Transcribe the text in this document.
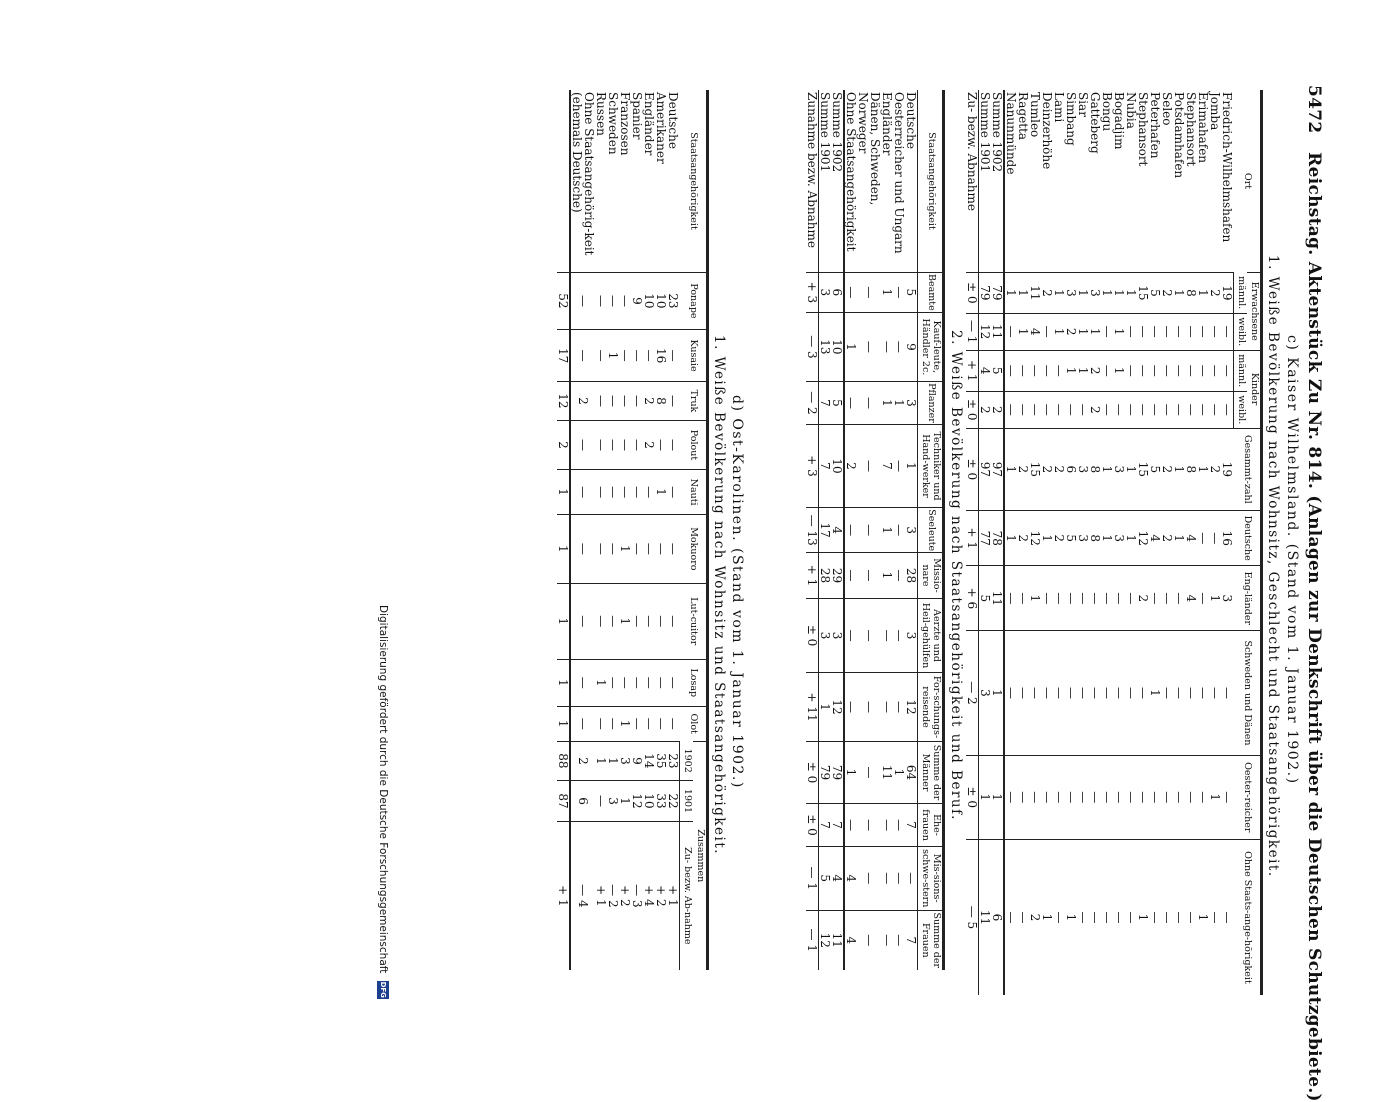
5472   Reichstag. Aktenstück Zu Nr. 814. (Anlagen zur Denkschrift über die Deutschen Schutzgebiete.)
c) Kaiser Wilhelmsland. (Stand vom 1. Januar 1902.)
1. Weiße Bevölkerung nach Wohnsitz, Geschlecht und Staatsangehörigkeit.
Ort	Erwachsene		Kinder		Gesammt-zahl	Deutsche	Eng-länder	Schweden und Dänen	Oester-reicher	Ohne Staats-ange-hörigkeit
	männl.	weibl.	männl.	weibl.						
Friedrich-Wilhelmshafen	19	—	—	—	19	16	3	—	—	—
Jomba	2	—	—	—	2	—	1	—	1	—
Erimahafen	1	—	—	—	1	—	—	—	—	1
Stephansort	8	—	—	—	8	4	4	—	—	—
Potsdamhafen	1	—	—	—	1	1	—	—	—	—
Seleo	2	—	—	—	2	2	—	—	—	—
Peterhafen	5	—	—	—	5	4	—	1	—	—
Stephansort	15	—	—	—	15	12	2	—	—	1
Nubia	1	—	—	—	1	1	—	—	—	—
Bogadjim	1	1	1	—	3	3	—	—	—	—
Bongu	1	—	—	—	1	1	—	—	—	—
Gatteberg	3	1	2	2	8	8	—	—	—	—
Siar	1	1	1	—	3	3	—	—	—	—
Simbang	3	2	1	—	6	5	—	—	—	1
Lami	1	1	—	—	2	2	—	—	—	—
Deinzerhöhe	2	—	—	—	2	1	—	—	—	1
Tumleo	11	4	—	—	15	12	1	—	—	2
Ragetta	1	1	—	—	2	2	—	—	—	—
Nanunmünde	1	—	—	—	1	1	—	—	—	—
Summe 1902	79	11	5	2	97	78	11	1	1	6
Summe 1901	79	12	4	2	97	77	5	3	1	11
Zu- bezw. Abnahme	± 0	— 1	+ 1	± 0	± 0	+ 1	+ 6	— 2	± 0	— 5
2. Weiße Bevölkerung nach Staatsangehörigkeit und Beruf.
Staatsangehörigkeit	Beamte	Kauf-leute, Händler 2c.	Pflanzer	Techniker und Hand-werker	Seeleute	Missio-nare	Aerzte und Heil-gehülfen	For-schungs-reisende	Summe der Männer	Ehe-frauen	Mis-sions-schwe-stern	Summe der Frauen
Deutsche	5	9	3	1	3	28	3	12	64	7	—	7
Oesterreicher und Ungarn	—	—	1	—	—	—	—	—	1	—	—	—
Engländer	1	—	1	7	1	1	—	—	11	—	—	—
Dänen, Schweden, Norweger	—	—	—	—	—	—	—	—	—	—	—	—
Ohne Staatsangehörigkeit	—	1	—	2	—	—	—	—	1	—	4	4
Summe 1902	6	10	5	10	4	29	3	12	79	7	4	11
Summe 1901	3	13	7	7	17	28	3	1	79	7	5	12
Zunahme bezw. Abnahme	+ 3	— 3	— 2	+ 3	— 13	+ 1	± 0	+ 11	± 0	± 0	— 1	— 1
d) Ost-Karolinen. (Stand vom 1. Januar 1902.)
1. Weiße Bevölkerung nach Wohnsitz und Staatsangehörigkeit.
Staatsangehörigkeit	Ponape	Kusaie	Truk	Polout	Nauti	Mokuoro	Lut-cuitor	Losap	Olot	Zusammen		
										1902	1901	Zu- bezw. Ab-nahme
Deutsche	23	—	—	—	—	—	—	—	—	23	22	+ 1
Amerikaner	10	16	8	—	1	—	—	—	—	35	33	+ 2
Engländer	10	—	2	2	—	—	—	—	—	14	10	+ 4
Spanier	9	—	—	—	—	—	—	—	—	9	12	— 3
Franzosen	—	—	—	—	—	1	1	—	1	3	1	+ 2
Schweden	—	1	—	—	—	—	—	—	—	1	3	— 2
Russen	—	—	—	—	—	—	—	1	—	1	—	+ 1
Ohne Staatsangehörig-keit (ehemals Deutsche)	—	—	2	—	—	—	—	—	—	2	6	— 4
	52	17	12	2	1	1	1	1	1	88	87	+ 1
Digitalisierung gefördert durch die Deutsche Forschungsgemeinschaft DFG
